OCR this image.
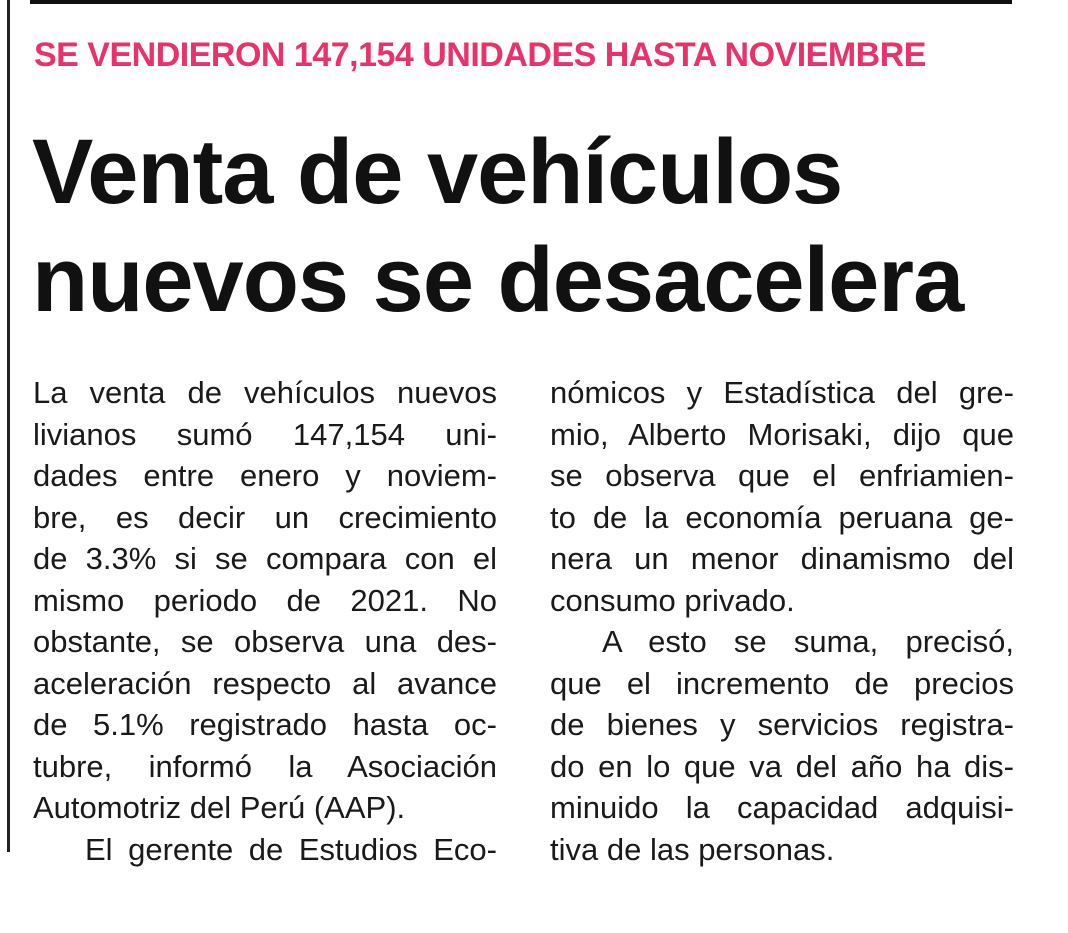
SE VENDIERON 147,154 UNIDADES HASTA NOVIEMBRE
Venta de vehículos
nuevos se desacelera
La venta de vehículos nuevos
livianos sumó 147,154 uni-
dades entre enero y noviem-
bre, es decir un crecimiento
de 3.3% si se compara con el
mismo periodo de 2021. No
obstante, se observa una des-
aceleración respecto al avance
de 5.1% registrado hasta oc-
tubre, informó la Asociación
Automotriz del Perú (AAP).
El gerente de Estudios Eco-
nómicos y Estadística del gre-
mio, Alberto Morisaki, dijo que
se observa que el enfriamien-
to de la economía peruana ge-
nera un menor dinamismo del
consumo privado.
A esto se suma, precisó,
que el incremento de precios
de bienes y servicios registra-
do en lo que va del año ha dis-
minuido la capacidad adquisi-
tiva de las personas.
